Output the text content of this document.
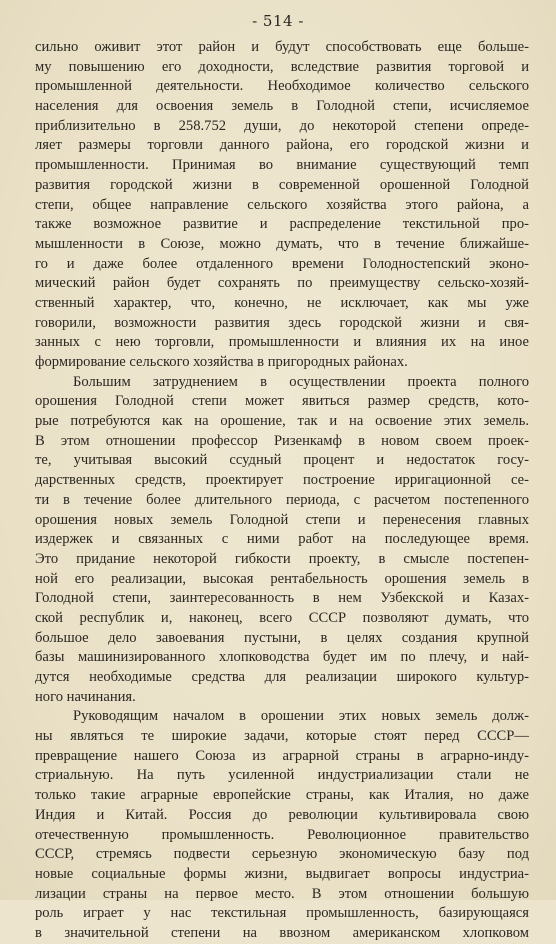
- 514 -
сильно оживит этот район и будут способствовать еще больше-
му повышению его доходности, вследствие развития торговой и
промышленной деятельности. Необходимое количество сельского
населения для освоения земель в Голодной степи, исчисляемое
приблизительно в 258.752 души, до некоторой степени опреде-
ляет размеры торговли данного района, его городской жизни и
промышленности. Принимая во внимание существующий темп
развития городской жизни в современной орошенной Голодной
степи, общее направление сельского хозяйства этого района, а
также возможное развитие и распределение текстильной про-
мышленности в Союзе, можно думать, что в течение ближайше-
го и даже более отдаленного времени Голодностепский эконо-
мический район будет сохранять по преимуществу сельско-хозяй-
ственный характер, что, конечно, не исключает, как мы уже
говорили, возможности развития здесь городской жизни и свя-
занных с нею торговли, промышленности и влияния их на иное
формирование сельского хозяйства в пригородных районах.
Большим затруднением в осуществлении проекта полного
орошения Голодной степи может явиться размер средств, кото-
рые потребуются как на орошение, так и на освоение этих земель.
В этом отношении профессор Ризенкамф в новом своем проек-
те, учитывая высокий ссудный процент и недостаток госу-
дарственных средств, проектирует построение ирригационной се-
ти в течение более длительного периода, с расчетом постепенного
орошения новых земель Голодной степи и перенесения главных
издержек и связанных с ними работ на последующее время.
Это придание некоторой гибкости проекту, в смысле постепен-
ной его реализации, высокая рентабельность орошения земель в
Голодной степи, заинтересованность в нем Узбекской и Казах-
ской республик и, наконец, всего СССР позволяют думать, что
большое дело завоевания пустыни, в целях создания крупной
базы машинизированного хлопководства будет им по плечу, и най-
дутся необходимые средства для реализации широкого культур-
ного начинания.
Руководящим началом в орошении этих новых земель долж-
ны являться те широкие задачи, которые стоят перед СССР—
превращение нашего Союза из аграрной страны в аграрно-инду-
стриальную. На путь усиленной индустриализации стали не
только такие аграрные европейские страны, как Италия, но даже
Индия и Китай. Россия до революции культивировала свою
отечественную промышленность. Революционное правительство
СССР, стремясь подвести серьезную экономическую базу под
новые социальные формы жизни, выдвигает вопросы индустриа-
лизации страны на первое место. В этом отношении большую
роль играет у нас текстильная промышленность, базирующаяся
в значительной степени на ввозном американском хлопковом
